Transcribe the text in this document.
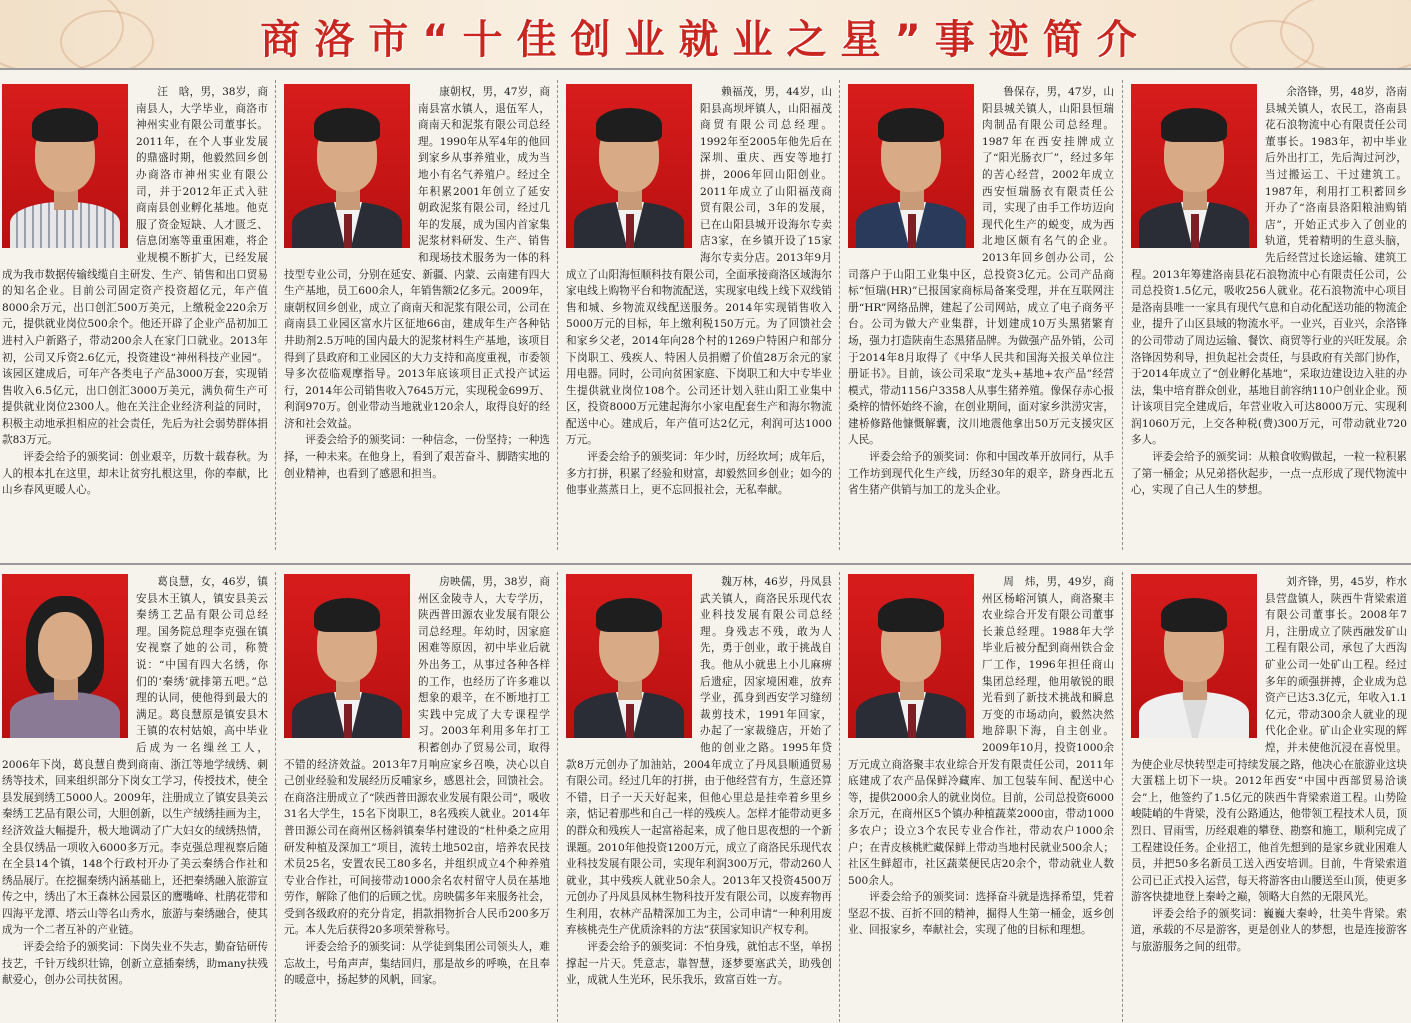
商洛市“十佳创业就业之星”事迹简介

汪　晗，男，38岁，商南县人，大学毕业，商洛市神州实业有限公司董事长。2011年，在个人事业发展的鼎盛时期，他毅然回乡创办商洛市神州实业有限公司，并于2012年正式入驻商南县创业孵化基地。他克服了资金短缺、人才匮乏、信息闭塞等重重困难，将企业规模不断扩大，已经发展成为我市数据传输线缆自主研发、生产、销售和出口贸易的知名企业。目前公司固定资产投资超亿元，年产值8000余万元，出口创汇500万美元，上缴税金220余万元，提供就业岗位500余个。他还开辟了企业产品初加工进村入户新路子，带动200余人在家门口就业。2013年初，公司又斥资2.6亿元，投资建设“神州科技产业园”。该园区建成后，可年产各类电子产品3000万套，实现销售收入6.5亿元，出口创汇3000万美元，满负荷生产可提供就业岗位2300人。他在关注企业经济利益的同时，积极主动地承担相应的社会责任，先后为社会弱势群体捐款83万元。

评委会给予的颁奖词：创业艰辛，历数十载春秋。为人的根本扎在这里，却未让贫穷扎根这里，你的奉献，比山乡春风更暖人心。

康朝权，男，47岁，商南县富水镇人，退伍军人，商南天和泥浆有限公司总经理。1990年从军4年的他回到家乡从事养殖业，成为当地小有名气养殖户。经过全年积累2001年创立了延安朝政泥浆有限公司，经过几年的发展，成为国内首家集泥浆材料研发、生产、销售和现场技术服务为一体的科技型专业公司，分别在延安、新疆、内蒙、云南建有四大生产基地，员工600余人，年销售额2亿多元。2009年，康朝权回乡创业，成立了商南天和泥浆有限公司，公司在商南县工业园区富水片区征地66亩，建成年生产各种钻井助剂2.5万吨的国内最大的泥浆材料生产基地，该项目得到了县政府和工业园区的大力支持和高度重视，市委领导多次莅临观摩指导。2013年底该项目正式投产试运行，2014年公司销售收入7645万元，实现税金699万、利润970万。创业带动当地就业120余人，取得良好的经济和社会效益。

评委会给予的颁奖词：一种信念，一份坚持；一种选择，一种未来。在他身上，看到了艰苦奋斗、脚踏实地的创业精神，也看到了感恩和担当。

赖福茂，男，44岁，山阳县高坝坪镇人，山阳福茂商贸有限公司总经理。1992年至2005年他先后在深圳、重庆、西安等地打拼，2006年回山阳创业。2011年成立了山阳福茂商贸有限公司，3年的发展，已在山阳县城开设海尔专卖店3家，在乡镇开设了15家海尔专卖分店。2013年9月成立了山阳海恒顺科技有限公司，全面承接商洛区域海尔家电线上购物平台和物流配送，实现家电线上线下双线销售和城、乡物流双线配送服务。2014年实现销售收入5000万元的目标，年上缴利税150万元。为了回馈社会和家乡父老，2014年向28个村的1269户特困户和部分下岗职工、残疾人、特困人员捐赠了价值28万余元的家用电器。同时，公司向贫困家庭、下岗职工和大中专毕业生提供就业岗位108个。公司还计划入驻山阳工业集中区，投资8000万元建起海尔小家电配套生产和海尔物流配送中心。建成后，年产值可达2亿元，利润可达1000万元。

评委会给予的颁奖词：年少时，历经坎坷；成年后，多方打拼，积累了经验和财富，却毅然回乡创业；如今的他事业蒸蒸日上，更不忘回报社会，无私奉献。

鲁保存，男，47岁，山阳县城关镇人，山阳县恒瑞肉制品有限公司总经理。1987年在西安挂牌成立了“阳光肠衣厂”，经过多年的苦心经营，2002年成立西安恒瑞肠衣有限责任公司，实现了由手工作坊迈向现代化生产的蜕变，成为西北地区颇有名气的企业。2013年回乡创办公司，公司落户于山阳工业集中区，总投资3亿元。公司产品商标“恒瑞(HR)”已报国家商标局备案受理，并在互联网注册“HR”网络品牌，建起了公司网站，成立了电子商务平台。公司为做大产业集群，计划建成10万头黑猪繁育场，强力打造陕南生态黑猪品牌。为做强产品外销，公司于2014年8月取得了《中华人民共和国海关报关单位注册证书》。目前，该公司采取“龙头+基地+农产品”经营模式，带动1156户3358人从事生猪养殖。像保存赤心报桑梓的情怀始终不渝，在创业期间，面对家乡洪涝灾害，建桥修路他慷慨解囊，汶川地震他拿出50万元支援灾区人民。

评委会给予的颁奖词：你和中国改革开放同行，从手工作坊到现代化生产线，历经30年的艰辛，跻身西北五省生猪产供销与加工的龙头企业。

余洛锋，男，48岁，洛南县城关镇人，农民工，洛南县花石浪物流中心有限责任公司董事长。1983年，初中毕业后外出打工，先后淘过河沙，当过搬运工、干过建筑工。1987年，利用打工积蓄回乡开办了“洛南县洛阳粮油购销店”，开始正式步入了创业的轨道，凭着精明的生意头脑，先后经营过长途运输、建筑工程。2013年筹建洛南县花石浪物流中心有限责任公司，公司总投资1.5亿元，吸收256人就业。花石浪物流中心项目是洛南县唯一一家具有现代气息和自动化配送功能的物流企业，提升了山区县域的物流水平。一业兴，百业兴，余洛锋的公司带动了周边运输、餐饮、商贸等行业的兴旺发展。余洛锋因势利导，担负起社会责任，与县政府有关部门协作，于2014年成立了“创业孵化基地”，采取边建设边入驻的办法，集中培育群众创业，基地目前容纳110户创业企业。预计该项目完全建成后，年营业收入可达8000万元、实现利润1060万元，上交各种税(费)300万元，可带动就业720多人。

评委会给予的颁奖词：从粮食收购做起，一粒一粒积累了第一桶金；从兄弟搭伙起步，一点一点形成了现代物流中心，实现了自己人生的梦想。

葛良慧，女，46岁，镇安县木王镇人，镇安县美云秦绣工艺品有限公司总经理。国务院总理李克强在镇安视察了她的公司，称赞说：“中国有四大名绣，你们的‘秦绣’就排第五吧。”总理的认同，使他得到最大的满足。葛良慧原是镇安县木王镇的农村姑娘，高中毕业后成为一名缫丝工人，2006年下岗，葛良慧自费到商南、浙江等地学绒绣、刺绣等技术，回来组织部分下岗女工学习，传授技术，使全县发展到绣工5000人。2009年，注册成立了镇安县美云秦绣工艺品有限公司，大胆创新，以生产绒绣挂画为主，经济效益大幅提升，极大地调动了广大妇女的绒绣热情，全县仅绣品一项收入6000多万元。李克强总理视察后随在全县14个镇，148个行政村开办了美云秦绣合作社和绣品展厅。在挖掘秦绣内涵基础上，还把秦绣融入旅游宣传之中，绣出了木王森林公园景区的鹰嘴峰、杜鹃花带和四海平龙潭、塔云山等名山秀水，旅游与秦绣融合，使其成为一个二者互补的产业链。

评委会给予的颁奖词：下岗失业不失志，勤奋钻研传技艺，千针万线织壮锦，创新立意插秦绣，助many扶残献爱心，创办公司扶贫困。

房映儒，男，38岁，商州区金陵寺人，大专学历，陕西普田源农业发展有限公司总经理。年幼时，因家庭困难等原因，初中毕业后就外出务工，从事过各种各样的工作，也经历了许多难以想象的艰辛，在不断地打工实践中完成了大专课程学习。2003年利用多年打工积蓄创办了贸易公司，取得不错的经济效益。2013年7月响应家乡召唤，决心以自己创业经验和发展经历反哺家乡，感恩社会，回馈社会。在商洛注册成立了“陕西普田源农业发展有限公司”，吸收31名大学生，15名下岗职工，8名残疾人就业。2014年普田源公司在商州区杨斜镇秦华村建设的“杜仲桑之应用研发种植及深加工”项目，流转土地502亩，培养农民技术员25名，安置农民工80多名，并组织成立4个种养殖专业合作社，可间接带动1000余名农村留守人员在基地劳作，解除了他们的后顾之忧。房映儒多年来服务社会，受到各级政府的充分肯定，捐款捐物折合人民币200多万元。本人先后获得20多项荣誉称号。

评委会给予的颁奖词：从学徒到集团公司领头人，难忘故土，号角声声，集结回归，那是故乡的呼唤，在且奉的暖意中，扬起梦的风帆，回家。

魏万林，46岁，丹凤县武关镇人，商洛民乐现代农业科技发展有限公司总经理。身残志不残，敢为人先，勇于创业，敢于挑战自我。他从小就患上小儿麻痹后遗症，因家境困难，放弃学业，孤身到西安学习缝纫裁剪技术，1991年回家，办起了一家裁缝店，开始了他的创业之路。1995年贷款8万元创办了加油站，2004年成立了丹凤县顺通贸易有限公司。经过几年的打拼，由于他经营有方，生意还算不错，日子一天天好起来，但他心里总是挂牵着乡里乡亲，惦记着那些和自己一样的残疾人。怎样才能带动更多的群众和残疾人一起富裕起来，成了他日思夜想的一个新课题。2010年他投资1200万元，成立了商洛民乐现代农业科技发展有限公司，实现年利润300万元，带动260人就业，其中残疾人就业50余人。2013年又投资4500万元创办了丹凤县凤林生物科技开发有限公司，以废弃物再生利用，农林产品精深加工为主，公司申请“一种利用废弃核桃壳生产优质涂料的方法”获国家知识产权专利。

评委会给予的颁奖词：不怕身残，就怕志不坚，单拐撑起一片天。凭意志，靠智慧，逐梦要塞武关，助残创业，成就人生光环，民乐我乐，致富百姓一方。

周　炜，男，49岁，商州区杨峪河镇人，商洛聚丰农业综合开发有限公司董事长兼总经理。1988年大学毕业后被分配到商州铁合金厂工作，1996年担任商山集团总经理，他用敏锐的眼光看到了新技术挑战和瞬息万变的市场动向，毅然决然地辞职下海，自主创业。2009年10月，投资1000余万元成立商洛聚丰农业综合开发有限责任公司，2011年底建成了农产品保鲜冷藏库、加工包装车间、配送中心等，提供2000余人的就业岗位。目前，公司总投资6000余万元，在商州区5个镇办种植蔬菜2000亩，带动1000多农户；设立3个农民专业合作社，带动农户1000余户；在青皮核桃贮藏保鲜上带动当地村民就业500余人；社区生鲜超市，社区蔬菜便民店20余个，带动就业人数500余人。

评委会给予的颁奖词：选择奋斗就是选择希望，凭着坚忍不拔、百折不回的精神，掘得人生第一桶金，返乡创业、回报家乡，奉献社会，实现了他的目标和理想。

刘齐锋，男，45岁，柞水县营盘镇人，陕西牛背梁索道有限公司董事长。2008年7月，注册成立了陕西融发矿山工程有限公司，承包了大西沟矿业公司一处矿山工程。经过多年的顽强拼搏，企业成为总资产已达3.3亿元，年收入1.1亿元，带动300余人就业的现代化企业。矿山企业实现的辉煌，并未使他沉浸在喜悦里。为使企业尽快转型走可持续发展之路，他决心在旅游业这块大蛋糕上切下一块。2012年西安“中国中西部贸易洽谈会”上，他签约了1.5亿元的陕西牛背梁索道工程。山势险峻陡峭的牛背梁，没有公路通达，他带领工程技术人员，顶烈日、冒雨雪，历经艰难的攀登、勘察和施工，顺利完成了工程建设任务。企业招工，他首先想到的是家乡就业困难人员，并把50多名新员工送入西安培训。目前，牛背梁索道公司已正式投入运营，每天将游客由山腰送至山顶，使更多游客快捷地登上秦岭之巅，领略大自然的无限风光。

评委会给予的颁奖词：巍巍大秦岭，壮美牛背梁。索道，承载的不尽是游客，更是创业人的梦想，也是连接游客与旅游服务之间的纽带。
